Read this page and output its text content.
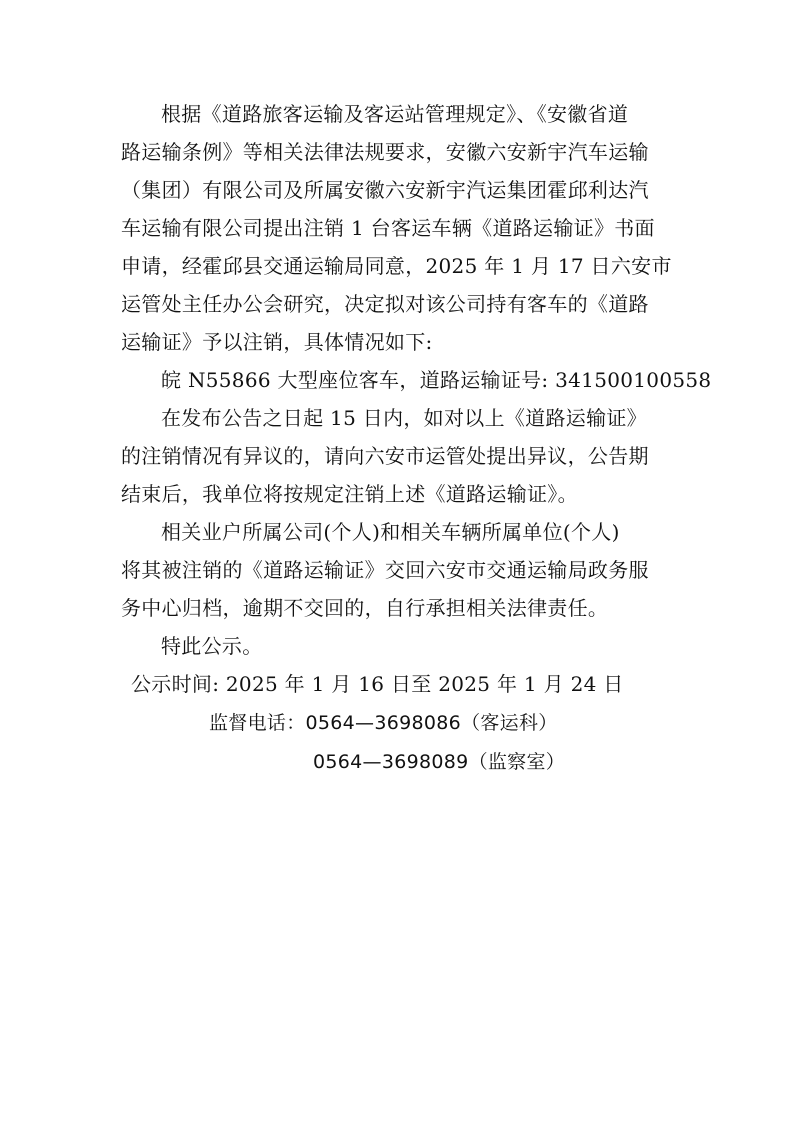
根据《道路旅客运输及客运站管理规定》、《安徽省道
路运输条例》等相关法律法规要求，安徽六安新宇汽车运输
（集团）有限公司及所属安徽六安新宇汽运集团霍邱利达汽
车运输有限公司提出注销 1 台客运车辆《道路运输证》书面
申请，经霍邱县交通运输局同意，2025 年 1 月 17 日六安市
运管处主任办公会研究，决定拟对该公司持有客车的《道路
运输证》予以注销，具体情况如下:
皖 N55866 大型座位客车，道路运输证号: 341500100558
在发布公告之日起 15 日内，如对以上《道路运输证》
的注销情况有异议的，请向六安市运管处提出异议，公告期
结束后，我单位将按规定注销上述《道路运输证》。
相关业户所属公司(个人)和相关车辆所属单位(个人)
将其被注销的《道路运输证》交回六安市交通运输局政务服
务中心归档，逾期不交回的，自行承担相关法律责任。
特此公示。
公示时间: 2025 年 1 月 16 日至 2025 年 1 月 24 日
监督电话：0564—3698086（客运科）
0564—3698089（监察室）
